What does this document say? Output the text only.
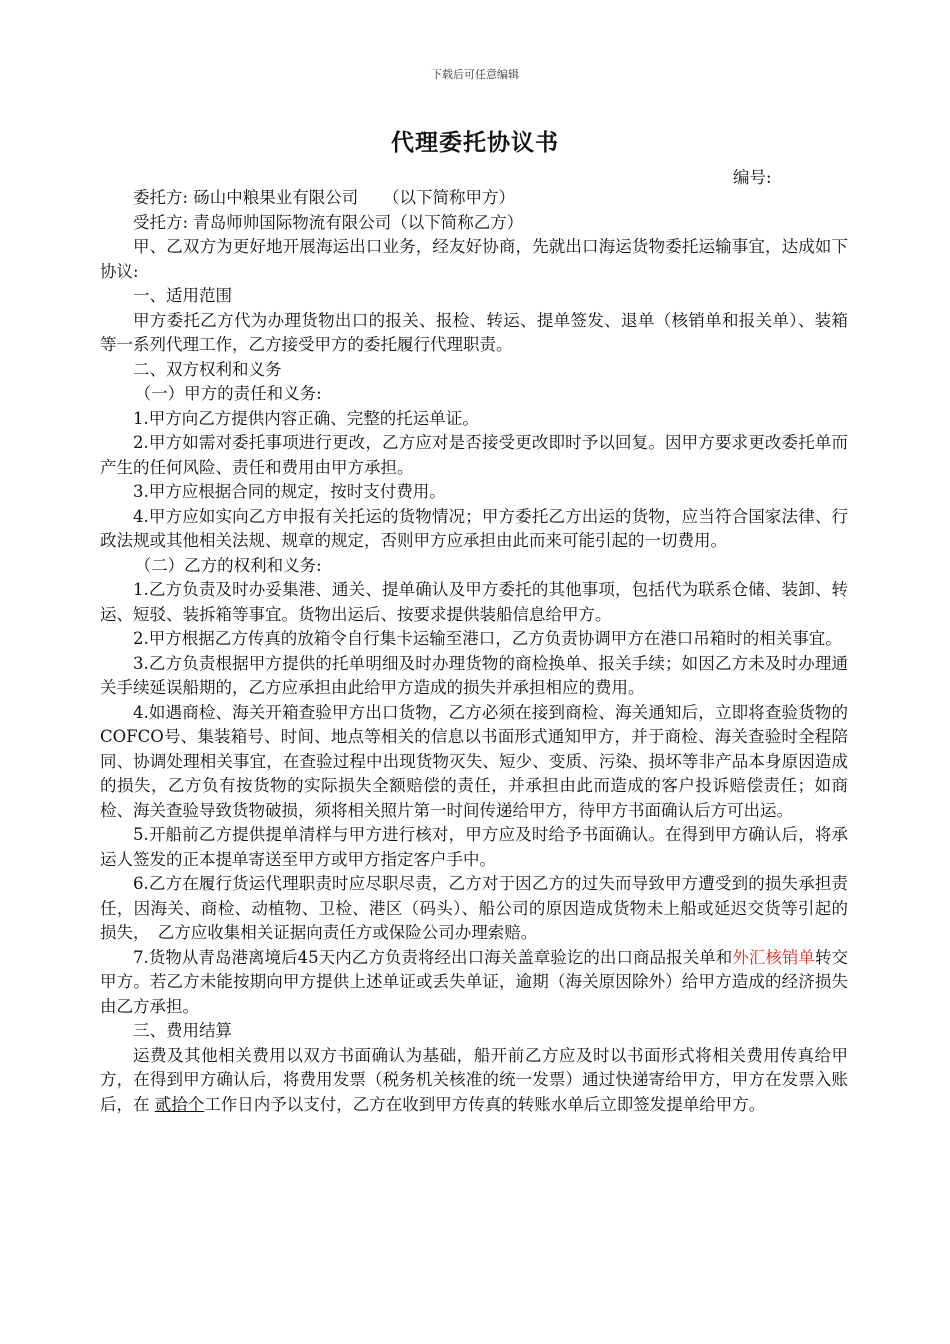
下载后可任意编辑
代理委托协议书
编号:

委托方: 砀山中粮果业有限公司　　（以下简称甲方）

受托方: 青岛师帅国际物流有限公司（以下简称乙方）

甲、乙双方为更好地开展海运出口业务，经友好协商，先就出口海运货物委托运输事宜，达成如下协议:

一、适用范围

甲方委托乙方代为办理货物出口的报关、报检、转运、提单签发、退单（核销单和报关单）、装箱等一系列代理工作，乙方接受甲方的委托履行代理职责。

二、双方权利和义务

（一）甲方的责任和义务:

1.甲方向乙方提供内容正确、完整的托运单证。

2.甲方如需对委托事项进行更改，乙方应对是否接受更改即时予以回复。因甲方要求更改委托单而产生的任何风险、责任和费用由甲方承担。

3.甲方应根据合同的规定，按时支付费用。

4.甲方应如实向乙方申报有关托运的货物情况；甲方委托乙方出运的货物，应当符合国家法律、行政法规或其他相关法规、规章的规定，否则甲方应承担由此而来可能引起的一切费用。

（二）乙方的权利和义务:

1.乙方负责及时办妥集港、通关、提单确认及甲方委托的其他事项，包括代为联系仓储、装卸、转运、短驳、装拆箱等事宜。货物出运后、按要求提供装船信息给甲方。

2.甲方根据乙方传真的放箱令自行集卡运输至港口，乙方负责协调甲方在港口吊箱时的相关事宜。

3.乙方负责根据甲方提供的托单明细及时办理货物的商检换单、报关手续；如因乙方未及时办理通关手续延误船期的，乙方应承担由此给甲方造成的损失并承担相应的费用。

4.如遇商检、海关开箱查验甲方出口货物，乙方必须在接到商检、海关通知后，立即将查验货物的COFCO号、集装箱号、时间、地点等相关的信息以书面形式通知甲方，并于商检、海关查验时全程陪同、协调处理相关事宜，在查验过程中出现货物灭失、短少、变质、污染、损坏等非产品本身原因造成的损失，乙方负有按货物的实际损失全额赔偿的责任，并承担由此而造成的客户投诉赔偿责任；如商检、海关查验导致货物破损，须将相关照片第一时间传递给甲方，待甲方书面确认后方可出运。

5.开船前乙方提供提单清样与甲方进行核对，甲方应及时给予书面确认。在得到甲方确认后，将承运人签发的正本提单寄送至甲方或甲方指定客户手中。

6.乙方在履行货运代理职责时应尽职尽责，乙方对于因乙方的过失而导致甲方遭受到的损失承担责任，因海关、商检、动植物、卫检、港区（码头）、船公司的原因造成货物未上船或延迟交货等引起的损失，　乙方应收集相关证据向责任方或保险公司办理索赔。

7.货物从青岛港离境后45天内乙方负责将经出口海关盖章验讫的出口商品报关单和外汇核销单转交甲方。若乙方未能按期向甲方提供上述单证或丢失单证，逾期（海关原因除外）给甲方造成的经济损失由乙方承担。

三、费用结算

运费及其他相关费用以双方书面确认为基础，船开前乙方应及时以书面形式将相关费用传真给甲方，在得到甲方确认后，将费用发票（税务机关核准的统一发票）通过快递寄给甲方，甲方在发票入账后，在 贰拾个工作日内予以支付，乙方在收到甲方传真的转账水单后立即签发提单给甲方。
